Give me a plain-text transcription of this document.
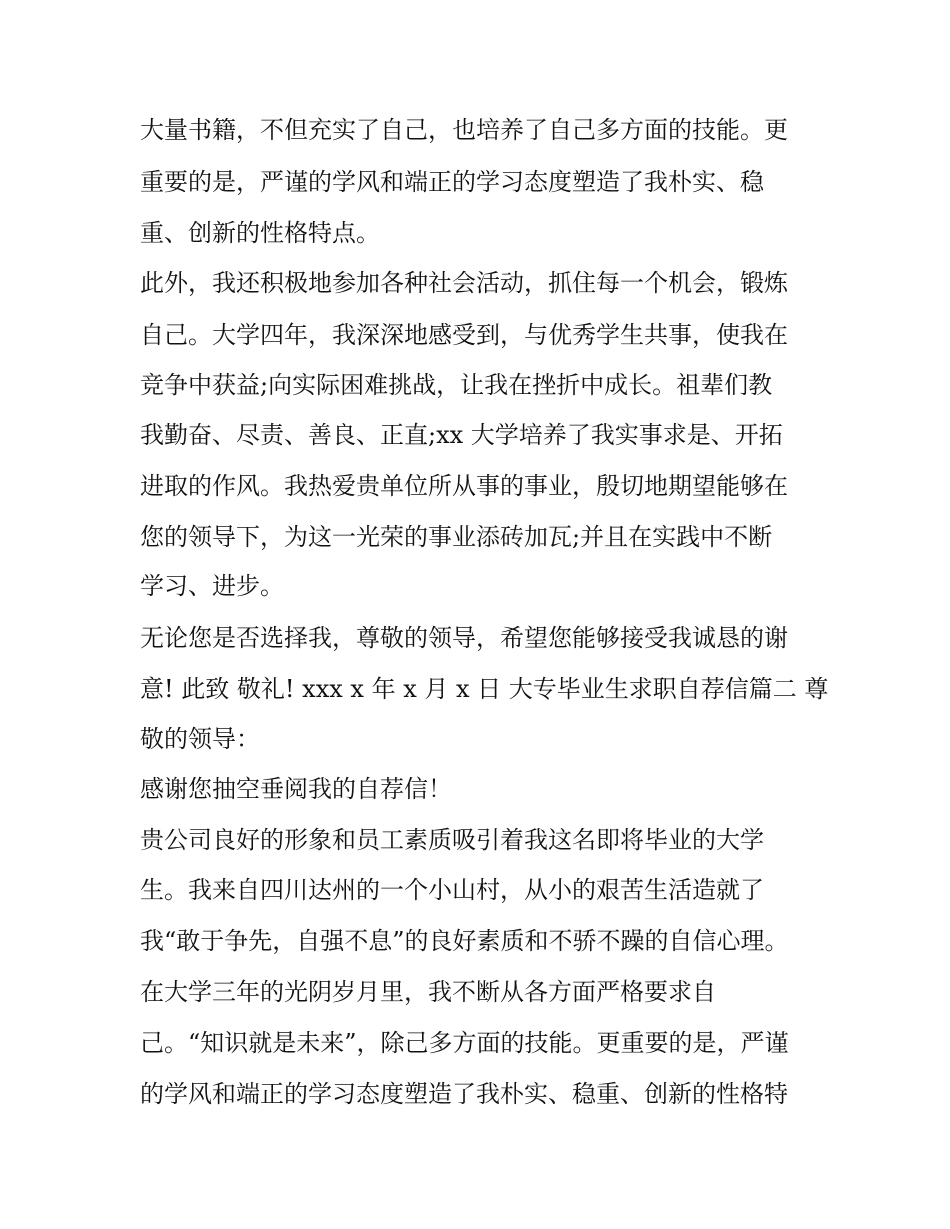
大量书籍，不但充实了自己，也培养了自己多方面的技能。更
重要的是，严谨的学风和端正的学习态度塑造了我朴实、稳
重、创新的性格特点。
此外，我还积极地参加各种社会活动，抓住每一个机会，锻炼
自己。大学四年，我深深地感受到，与优秀学生共事，使我在
竞争中获益;向实际困难挑战，让我在挫折中成长。祖辈们教
我勤奋、尽责、善良、正直;xx 大学培养了我实事求是、开拓
进取的作风。我热爱贵单位所从事的事业，殷切地期望能够在
您的领导下，为这一光荣的事业添砖加瓦;并且在实践中不断
学习、进步。
无论您是否选择我，尊敬的领导，希望您能够接受我诚恳的谢
意! 此致 敬礼! xxx x 年 x 月 x 日 大专毕业生求职自荐信篇二 尊
敬的领导：
感谢您抽空垂阅我的自荐信！
贵公司良好的形象和员工素质吸引着我这名即将毕业的大学
生。我来自四川达州的一个小山村，从小的艰苦生活造就了
我“敢于争先，自强不息”的良好素质和不骄不躁的自信心理。
在大学三年的光阴岁月里，我不断从各方面严格要求自
己。“知识就是未来”，除己多方面的技能。更重要的是，严谨
的学风和端正的学习态度塑造了我朴实、稳重、创新的性格特
